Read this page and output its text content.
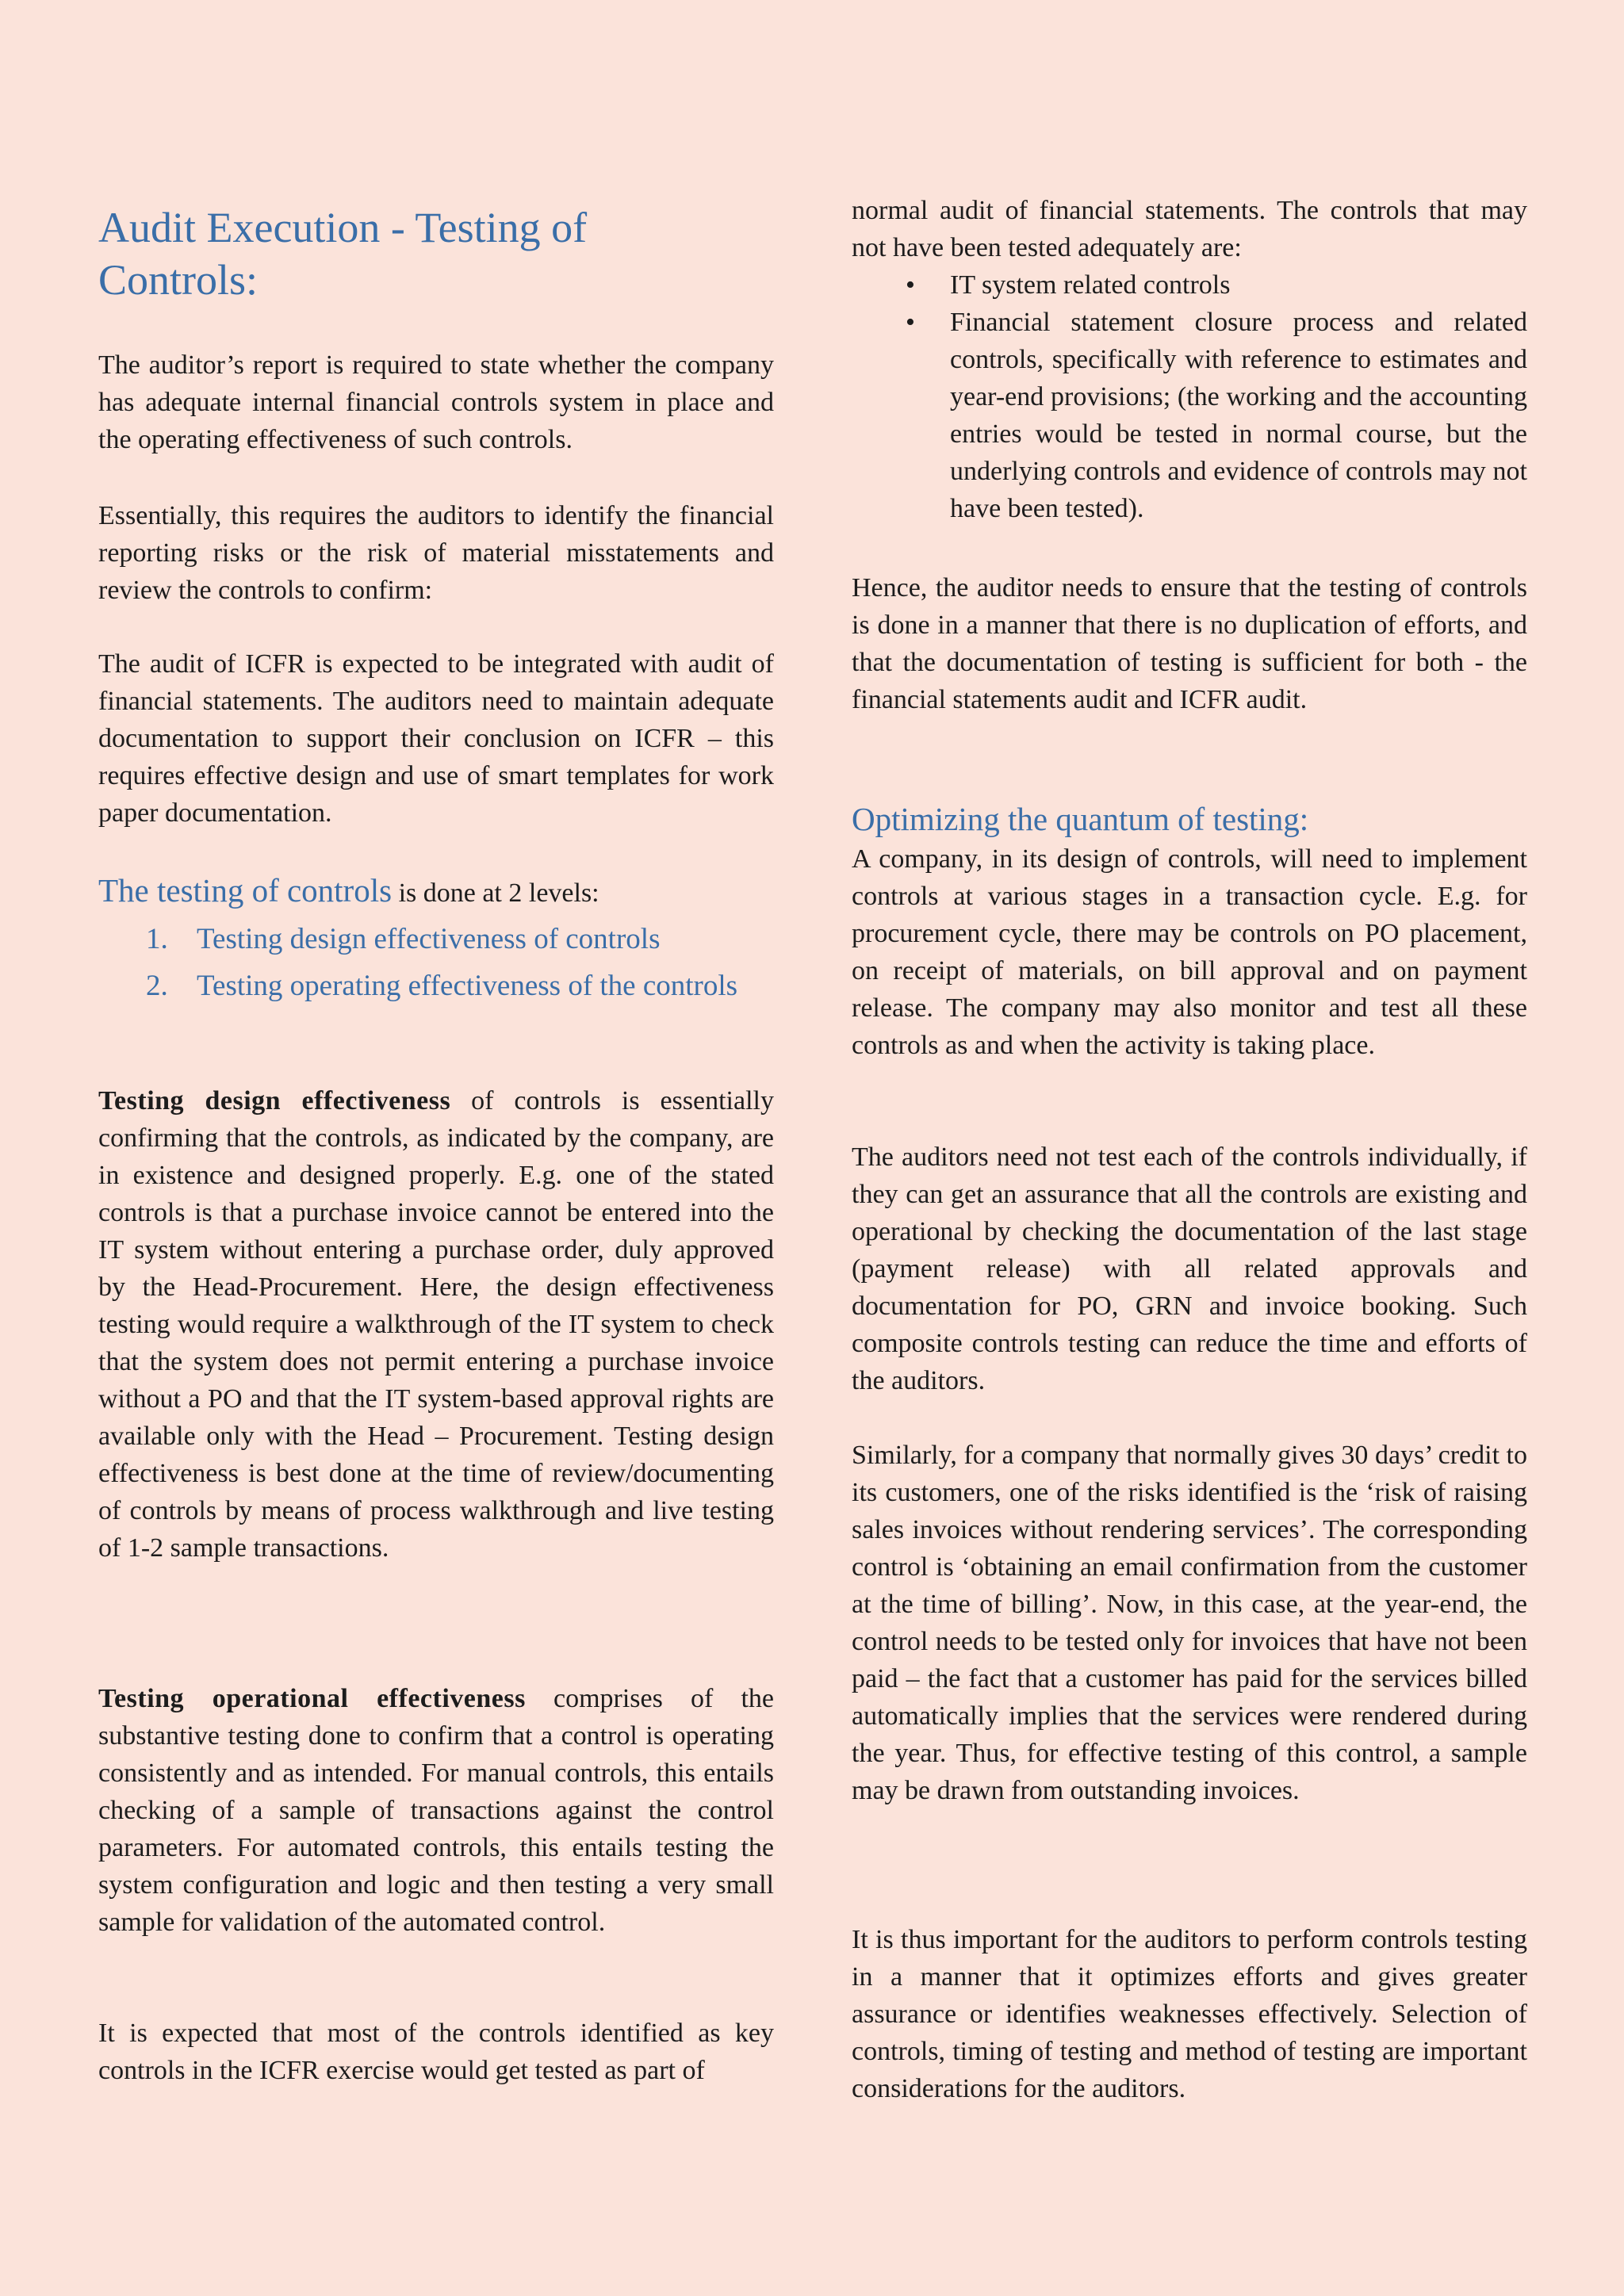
Audit Execution - Testing of
Controls:

The auditor’s report is required to state whether the company has adequate internal financial controls system in place and the operating effectiveness of such controls.

Essentially, this requires the auditors to identify the financial reporting risks or the risk of material misstatements and review the controls to confirm:

The audit of ICFR is expected to be integrated with audit of financial statements. The auditors need to maintain adequate documentation to support their conclusion on ICFR – this requires effective design and use of smart templates for work paper documentation.

The testing of controls is done at 2 levels:
1. Testing design effectiveness of controls
2. Testing operating effectiveness of the controls

Testing design effectiveness of controls is essentially confirming that the controls, as indicated by the company, are in existence and designed properly. E.g. one of the stated controls is that a purchase invoice cannot be entered into the IT system without entering a purchase order, duly approved by the Head-Procurement. Here, the design effectiveness testing would require a walkthrough of the IT system to check that the system does not permit entering a purchase invoice without a PO and that the IT system-based approval rights are available only with the Head – Procurement. Testing design effectiveness is best done at the time of review/documenting of controls by means of process walkthrough and live testing of 1-2 sample transactions.

Testing operational effectiveness comprises of the substantive testing done to confirm that a control is operating consistently and as intended. For manual controls, this entails checking of a sample of transactions against the control parameters. For automated controls, this entails testing the system configuration and logic and then testing a very small sample for validation of the automated control.

It is expected that most of the controls identified as key controls in the ICFR exercise would get tested as part of

normal audit of financial statements. The controls that may not have been tested adequately are:

• IT system related controls
• Financial statement closure process and related controls, specifically with reference to estimates and year-end provisions; (the working and the accounting entries would be tested in normal course, but the underlying controls and evidence of controls may not have been tested).

Hence, the auditor needs to ensure that the testing of controls is done in a manner that there is no duplication of efforts, and that the documentation of testing is sufficient for both - the financial statements audit and ICFR audit.

Optimizing the quantum of testing:

A company, in its design of controls, will need to implement controls at various stages in a transaction cycle. E.g. for procurement cycle, there may be controls on PO placement, on receipt of materials, on bill approval and on payment release. The company may also monitor and test all these controls as and when the activity is taking place.

The auditors need not test each of the controls individually, if they can get an assurance that all the controls are existing and operational by checking the documentation of the last stage (payment release) with all related approvals and documentation for PO, GRN and invoice booking. Such composite controls testing can reduce the time and efforts of the auditors.

Similarly, for a company that normally gives 30 days’ credit to its customers, one of the risks identified is the ‘risk of raising sales invoices without rendering services’. The corresponding control is ‘obtaining an email confirmation from the customer at the time of billing’. Now, in this case, at the year-end, the control needs to be tested only for invoices that have not been paid – the fact that a customer has paid for the services billed automatically implies that the services were rendered during the year. Thus, for effective testing of this control, a sample may be drawn from outstanding invoices.

It is thus important for the auditors to perform controls testing in a manner that it optimizes efforts and gives greater assurance or identifies weaknesses effectively. Selection of controls, timing of testing and method of testing are important considerations for the auditors.
